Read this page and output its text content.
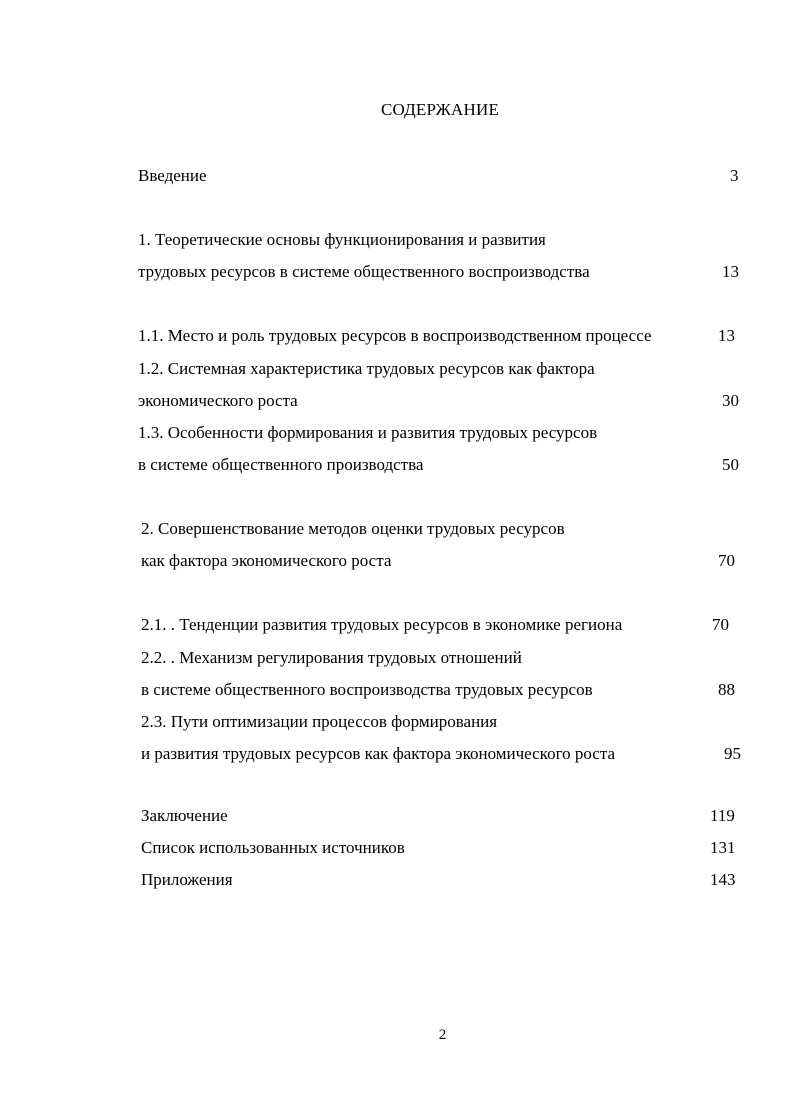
СОДЕРЖАНИЕ
Введение	3
1. Теоретические основы функционирования и развития
трудовых ресурсов в системе общественного воспроизводства	13
1.1. Место и роль трудовых ресурсов в воспроизводственном процессе	13
1.2. Системная характеристика трудовых ресурсов как фактора
экономического роста	30
1.3. Особенности формирования и развития трудовых ресурсов
в системе общественного производства	50
2. Совершенствование методов оценки трудовых ресурсов
как фактора экономического роста	70
2.1. . Тенденции развития трудовых ресурсов в экономике региона	70
2.2. . Механизм регулирования трудовых отношений
в системе общественного воспроизводства трудовых ресурсов	88
2.3. Пути оптимизации процессов формирования
и развития трудовых ресурсов как фактора экономического роста	95
Заключение	119
Список использованных источников	131
Приложения	143
2
